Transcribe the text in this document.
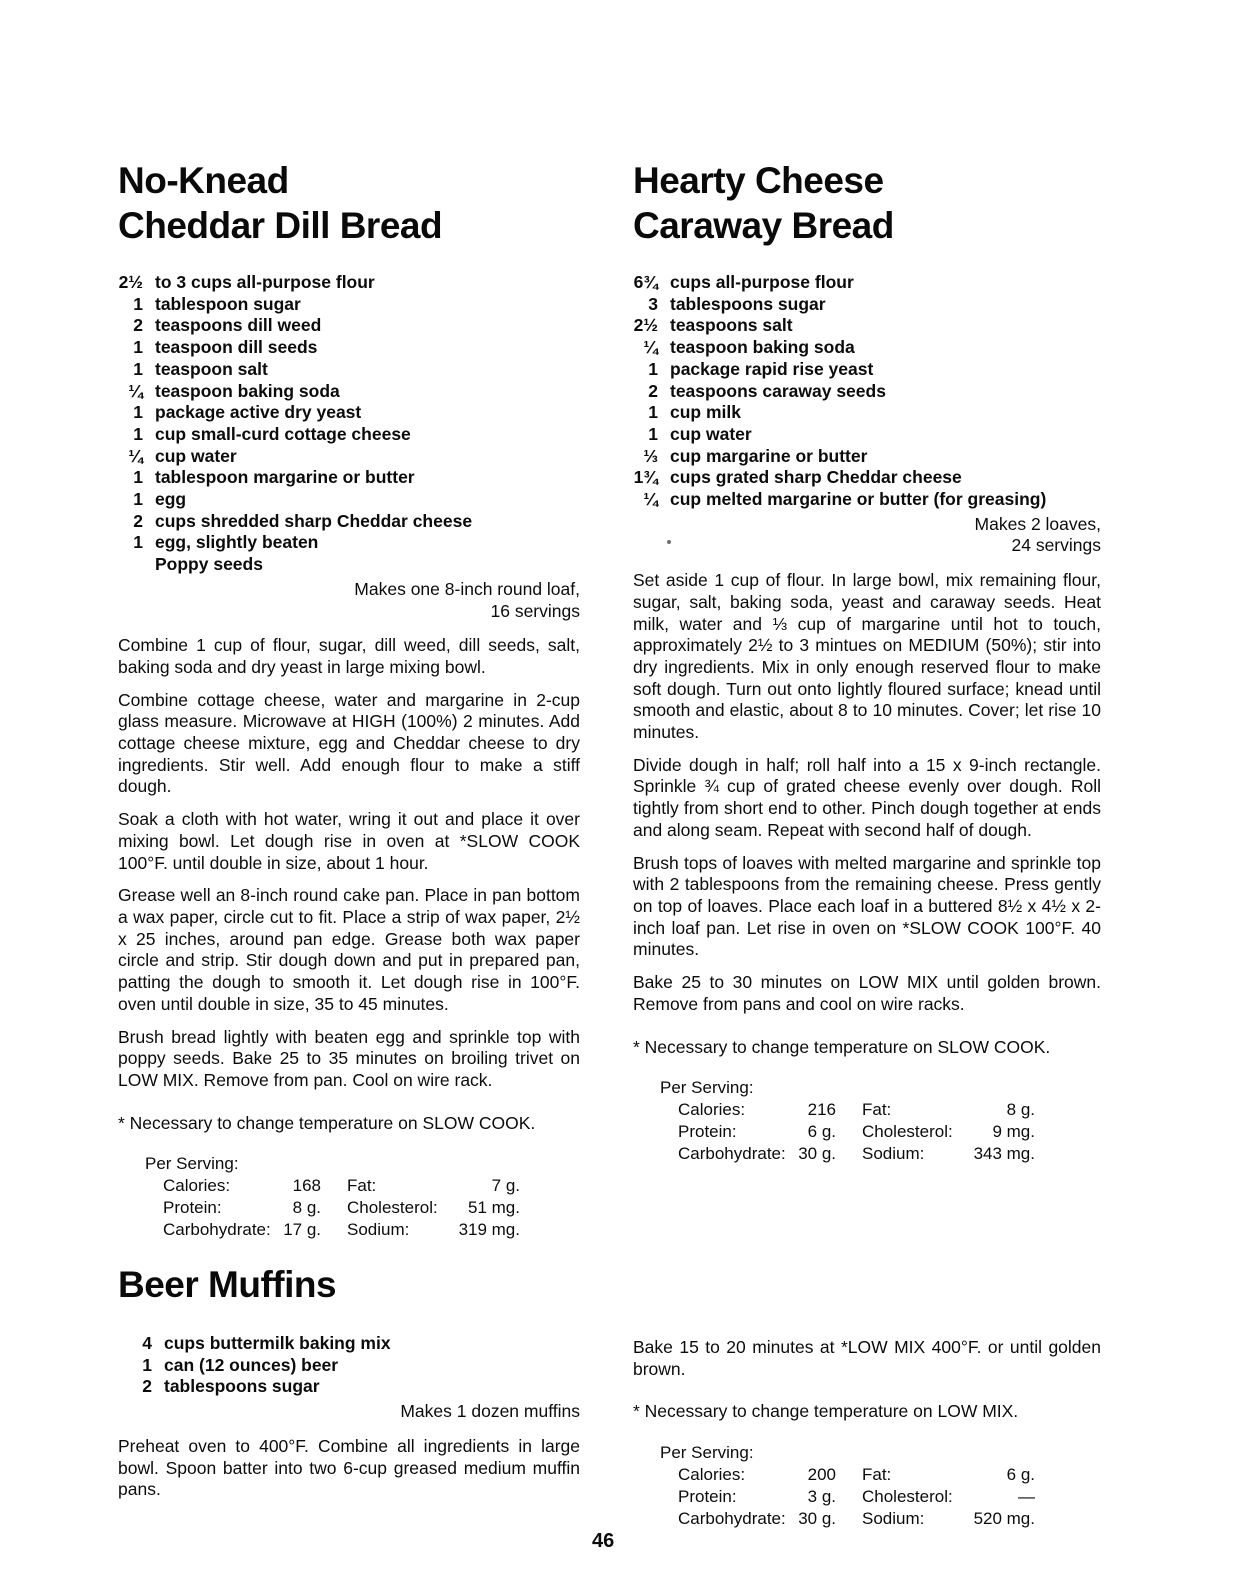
No-Knead
Cheddar Dill Bread
2½ to 3 cups all-purpose flour
1 tablespoon sugar
2 teaspoons dill weed
1 teaspoon dill seeds
1 teaspoon salt
¼ teaspoon baking soda
1 package active dry yeast
1 cup small-curd cottage cheese
¼ cup water
1 tablespoon margarine or butter
1 egg
2 cups shredded sharp Cheddar cheese
1 egg, slightly beaten
Poppy seeds
Makes one 8-inch round loaf,
16 servings

Combine 1 cup of flour, sugar, dill weed, dill seeds, salt, baking soda and dry yeast in large mixing bowl.

Combine cottage cheese, water and margarine in 2-cup glass measure. Microwave at HIGH (100%) 2 minutes. Add cottage cheese mixture, egg and Cheddar cheese to dry ingredients. Stir well. Add enough flour to make a stiff dough.

Soak a cloth with hot water, wring it out and place it over mixing bowl. Let dough rise in oven at *SLOW COOK 100°F. until double in size, about 1 hour.

Grease well an 8-inch round cake pan. Place in pan bottom a wax paper, circle cut to fit. Place a strip of wax paper, 2½ x 25 inches, around pan edge. Grease both wax paper circle and strip. Stir dough down and put in prepared pan, patting the dough to smooth it. Let dough rise in 100°F. oven until double in size, 35 to 45 minutes.

Brush bread lightly with beaten egg and sprinkle top with poppy seeds. Bake 25 to 35 minutes on broiling trivet on LOW MIX. Remove from pan. Cool on wire rack.

* Necessary to change temperature on SLOW COOK.

Per Serving:
Calories:	168 Fat:	7 g.
Protein:	8 g. Cholesterol:	51 mg.
Carbohydrate: 17 g. Sodium:	319 mg.
Hearty Cheese
Caraway Bread
6¾ cups all-purpose flour
3 tablespoons sugar
2½ teaspoons salt
¼ teaspoon baking soda
1 package rapid rise yeast
2 teaspoons caraway seeds
1 cup milk
1 cup water
⅓ cup margarine or butter
1¾ cups grated sharp Cheddar cheese
¼ cup melted margarine or butter (for greasing)
Makes 2 loaves,
24 servings

Set aside 1 cup of flour. In large bowl, mix remaining flour, sugar, salt, baking soda, yeast and caraway seeds. Heat milk, water and ⅓ cup of margarine until hot to touch, approximately 2½ to 3 mintues on MEDIUM (50%); stir into dry ingredients. Mix in only enough reserved flour to make soft dough. Turn out onto lightly floured surface; knead until smooth and elastic, about 8 to 10 minutes. Cover; let rise 10 minutes.

Divide dough in half; roll half into a 15 x 9-inch rectangle. Sprinkle ¾ cup of grated cheese evenly over dough. Roll tightly from short end to other. Pinch dough together at ends and along seam. Repeat with second half of dough.

Brush tops of loaves with melted margarine and sprinkle top with 2 tablespoons from the remaining cheese. Press gently on top of loaves. Place each loaf in a buttered 8½ x 4½ x 2-inch loaf pan. Let rise in oven on *SLOW COOK 100°F. 40 minutes.

Bake 25 to 30 minutes on LOW MIX until golden brown. Remove from pans and cool on wire racks.

* Necessary to change temperature on SLOW COOK.

Per Serving:
Calories:	216 Fat:	8 g.
Protein:	6 g. Cholesterol:	9 mg.
Carbohydrate: 30 g. Sodium:	343 mg.
Beer Muffins
4 cups buttermilk baking mix
1 can (12 ounces) beer
2 tablespoons sugar
Makes 1 dozen muffins

Preheat oven to 400°F. Combine all ingredients in large bowl. Spoon batter into two 6-cup greased medium muffin pans.

Bake 15 to 20 minutes at *LOW MIX 400°F. or until golden brown.

* Necessary to change temperature on LOW MIX.

Per Serving:
Calories:	200 Fat:	6 g.
Protein:	3 g. Cholesterol:	—
Carbohydrate: 30 g. Sodium:	520 mg.
46
